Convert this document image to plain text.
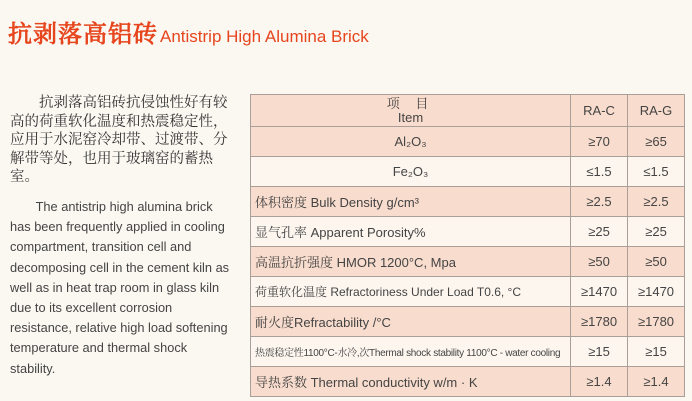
抗剥落高铝砖 Antistrip High Alumina Brick

抗剥落高铝砖抗侵蚀性好有较高的荷重软化温度和热震稳定性，应用于水泥窑冷却带、过渡带、分解带等处，也用于玻璃窑的蓄热室。

The antistrip high alumina brick has been frequently applied in cooling compartment, transition cell and decomposing cell in the cement kiln as well as in heat trap room in glass kiln due to its excellent corrosion resistance, relative high load softening temperature and thermal shock stability.

项 目
Item	RA-C	RA-G
Al₂O₃	≥70	≥65
Fe₂O₃	≤1.5	≤1.5
体积密度 Bulk Density g/cm³	≥2.5	≥2.5
显气孔率 Apparent Porosity%	≥25	≥25
高温抗折强度 HMOR 1200°C, Mpa	≥50	≥50
荷重软化温度 Refractoriness Under Load T0.6, °C	≥1470	≥1470
耐火度Refractability /°C	≥1780	≥1780
热震稳定性1100°C-水冷,次Thermal shock stability 1100°C - water cooling	≥15	≥15
导热系数 Thermal conductivity w/m · K	≥1.4	≥1.4
